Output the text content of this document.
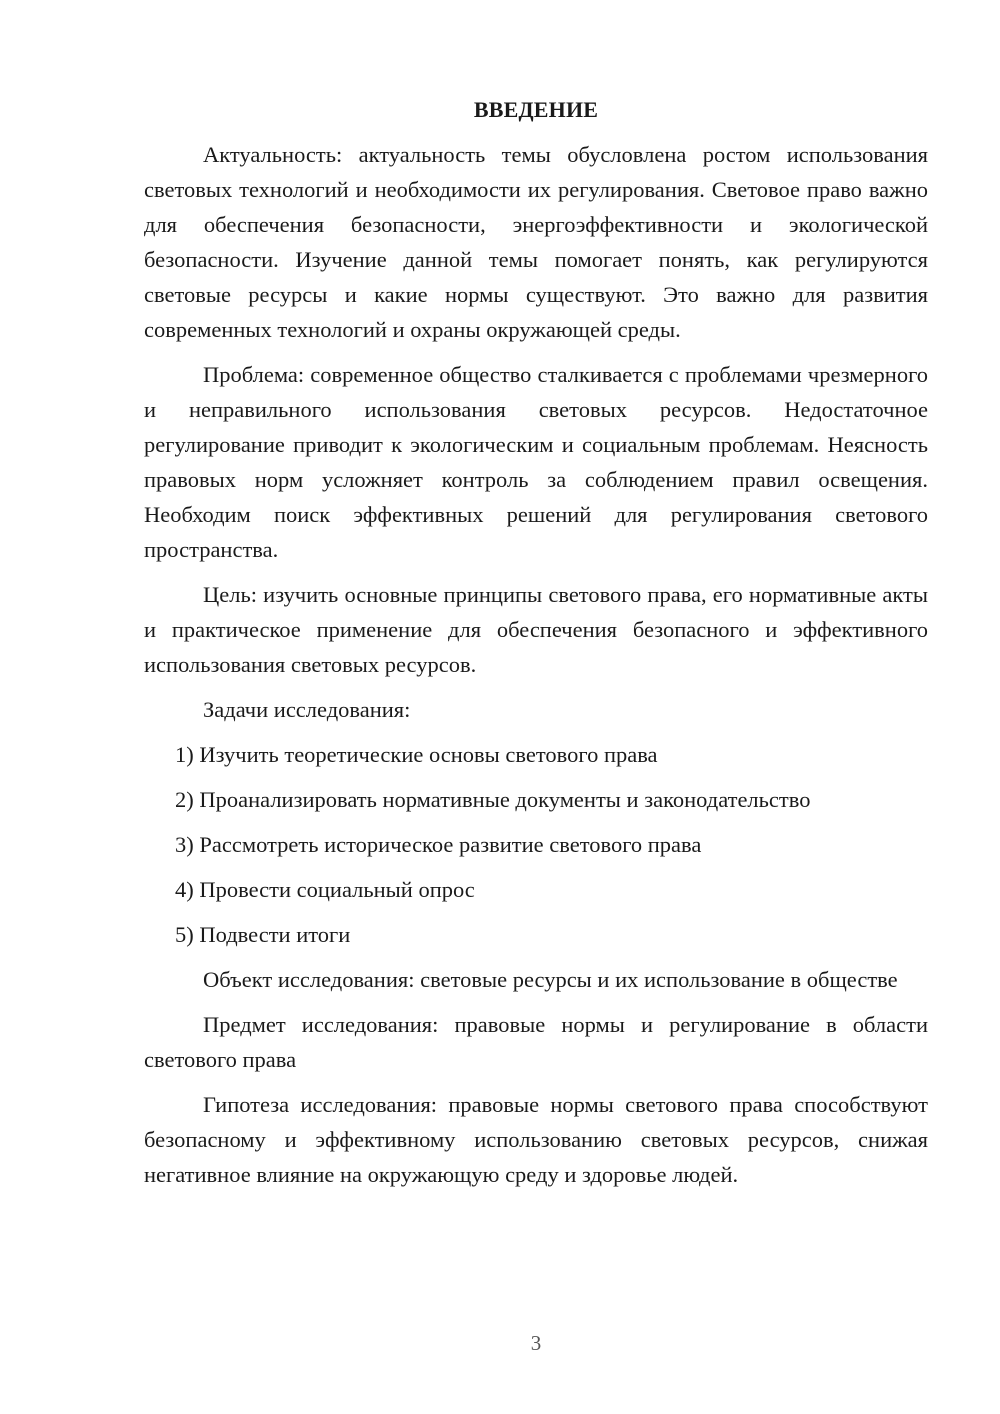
ВВЕДЕНИЕ

Актуальность: актуальность темы обусловлена ростом использования световых технологий и необходимости их регулирования. Световое право важно для обеспечения безопасности, энергоэффективности и экологической безопасности. Изучение данной темы помогает понять, как регулируются световые ресурсы и какие нормы существуют. Это важно для развития современных технологий и охраны окружающей среды.

Проблема: современное общество сталкивается с проблемами чрезмерного и неправильного использования световых ресурсов. Недостаточное регулирование приводит к экологическим и социальным проблемам. Неясность правовых норм усложняет контроль за соблюдением правил освещения. Необходим поиск эффективных решений для регулирования светового пространства.

Цель: изучить основные принципы светового права, его нормативные акты и практическое применение для обеспечения безопасного и эффективного использования световых ресурсов.

Задачи исследования:

1) Изучить теоретические основы светового права

2) Проанализировать нормативные документы и законодательство

3) Рассмотреть историческое развитие светового права

4) Провести социальный опрос

5) Подвести итоги

Объект исследования: световые ресурсы и их использование в обществе

Предмет исследования: правовые нормы и регулирование в области светового права

Гипотеза исследования: правовые нормы светового права способствуют безопасному и эффективному использованию световых ресурсов, снижая негативное влияние на окружающую среду и здоровье людей.

3
